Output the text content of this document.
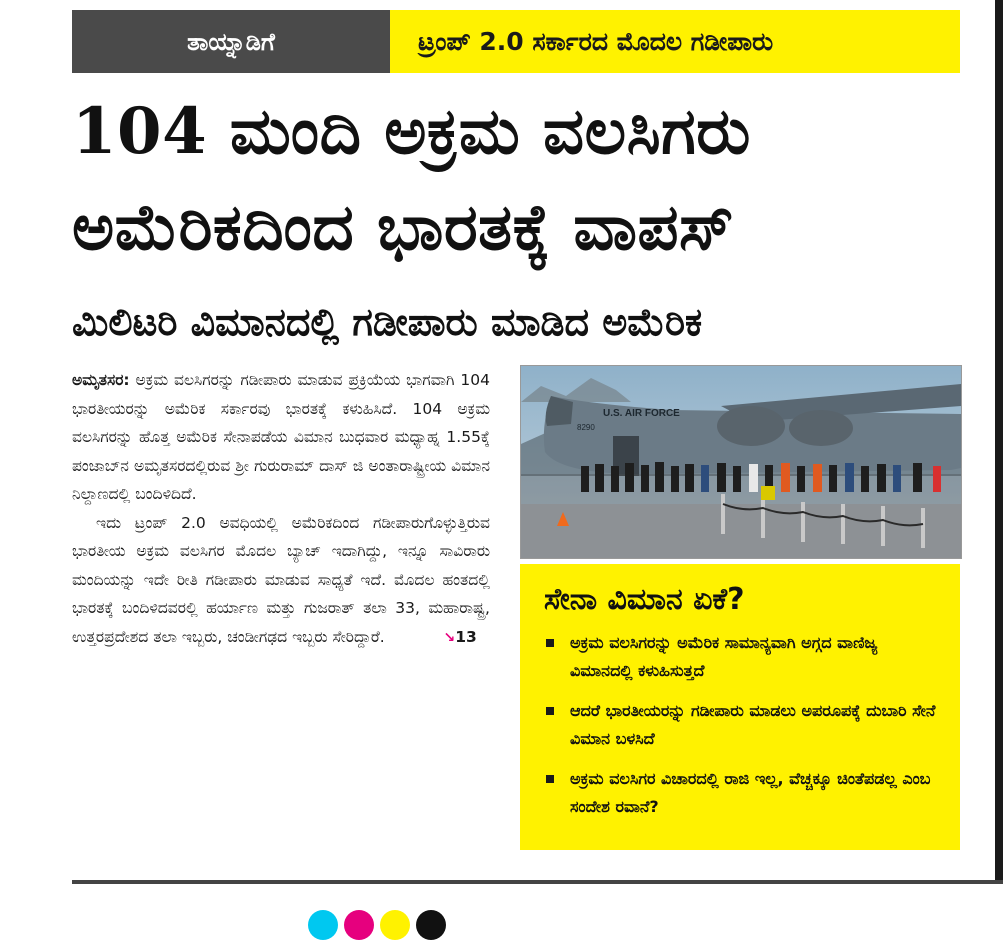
ತಾಯ್ನಾಡಿಗೆ	ಟ್ರಂಪ್ 2.0 ಸರ್ಕಾರದ ಮೊದಲ ಗಡೀಪಾರು
104 ಮಂದಿ ಅಕ್ರಮ ವಲಸಿಗರು
ಅಮೆರಿಕದಿಂದ ಭಾರತಕ್ಕೆ ವಾಪಸ್
ಮಿಲಿಟರಿ ವಿಮಾನದಲ್ಲಿ ಗಡೀಪಾರು ಮಾಡಿದ ಅಮೆರಿಕ

ಅಮೃತಸರ: ಅಕ್ರಮ ವಲಸಿಗರನ್ನು ಗಡೀಪಾರು ಮಾಡುವ ಪ್ರಕ್ರಿಯೆಯ ಭಾಗವಾಗಿ 104 ಭಾರತೀಯರನ್ನು ಅಮೆರಿಕ ಸರ್ಕಾರವು ಭಾರತಕ್ಕೆ ಕಳುಹಿಸಿದೆ. 104 ಅಕ್ರಮ ವಲಸಿಗರನ್ನು ಹೊತ್ತ ಅಮೆರಿಕ ಸೇನಾಪಡೆಯ ವಿಮಾನ ಬುಧವಾರ ಮಧ್ಯಾಹ್ನ 1.55ಕ್ಕೆ ಪಂಜಾಬ್‌ನ ಅಮೃತಸರದಲ್ಲಿರುವ ಶ್ರೀ ಗುರುರಾಮ್ ದಾಸ್ ಜಿ ಅಂತಾರಾಷ್ಟ್ರೀಯ ವಿಮಾನ ನಿಲ್ದಾಣದಲ್ಲಿ ಬಂದಿಳಿದಿದೆ.

ಇದು ಟ್ರಂಪ್ 2.0 ಅವಧಿಯಲ್ಲಿ ಅಮೆರಿಕದಿಂದ ಗಡೀಪಾರುಗೊಳ್ಳುತ್ತಿರುವ ಭಾರತೀಯ ಅಕ್ರಮ ವಲಸಿಗರ ಮೊದಲ ಬ್ಯಾಚ್ ಇದಾಗಿದ್ದು, ಇನ್ನೂ ಸಾವಿರಾರು ಮಂದಿಯನ್ನು ಇದೇ ರೀತಿ ಗಡೀಪಾರು ಮಾಡುವ ಸಾಧ್ಯತೆ ಇದೆ. ಮೊದಲ ಹಂತದಲ್ಲಿ ಭಾರತಕ್ಕೆ ಬಂದಿಳಿದವರಲ್ಲಿ ಹರ್ಯಾಣ ಮತ್ತು ಗುಜರಾತ್ ತಲಾ 33, ಮಹಾರಾಷ್ಟ್ರ, ಉತ್ತರಪ್ರದೇಶದ ತಲಾ ಇಬ್ಬರು, ಚಂಡೀಗಢದ ಇಬ್ಬರು ಸೇರಿದ್ದಾರೆ.	↘13

U.S. AIR FORCE
8290
ಸೇನಾ ವಿಮಾನ ಏಕೆ?
ಅಕ್ರಮ ವಲಸಿಗರನ್ನು ಅಮೆರಿಕ ಸಾಮಾನ್ಯವಾಗಿ ಅಗ್ಗದ ವಾಣಿಜ್ಯ ವಿಮಾನದಲ್ಲಿ ಕಳುಹಿಸುತ್ತದೆ
ಆದರೆ ಭಾರತೀಯರನ್ನು ಗಡೀಪಾರು ಮಾಡಲು ಅಪರೂಪಕ್ಕೆ ದುಬಾರಿ ಸೇನೆ ವಿಮಾನ ಬಳಸಿದೆ
ಅಕ್ರಮ ವಲಸಿಗರ ವಿಚಾರದಲ್ಲಿ ರಾಜಿ ಇಲ್ಲ, ವೆಚ್ಚಕ್ಕೂ ಚಿಂತೆಪಡಲ್ಲ ಎಂಬ ಸಂದೇಶ ರವಾನೆ?
